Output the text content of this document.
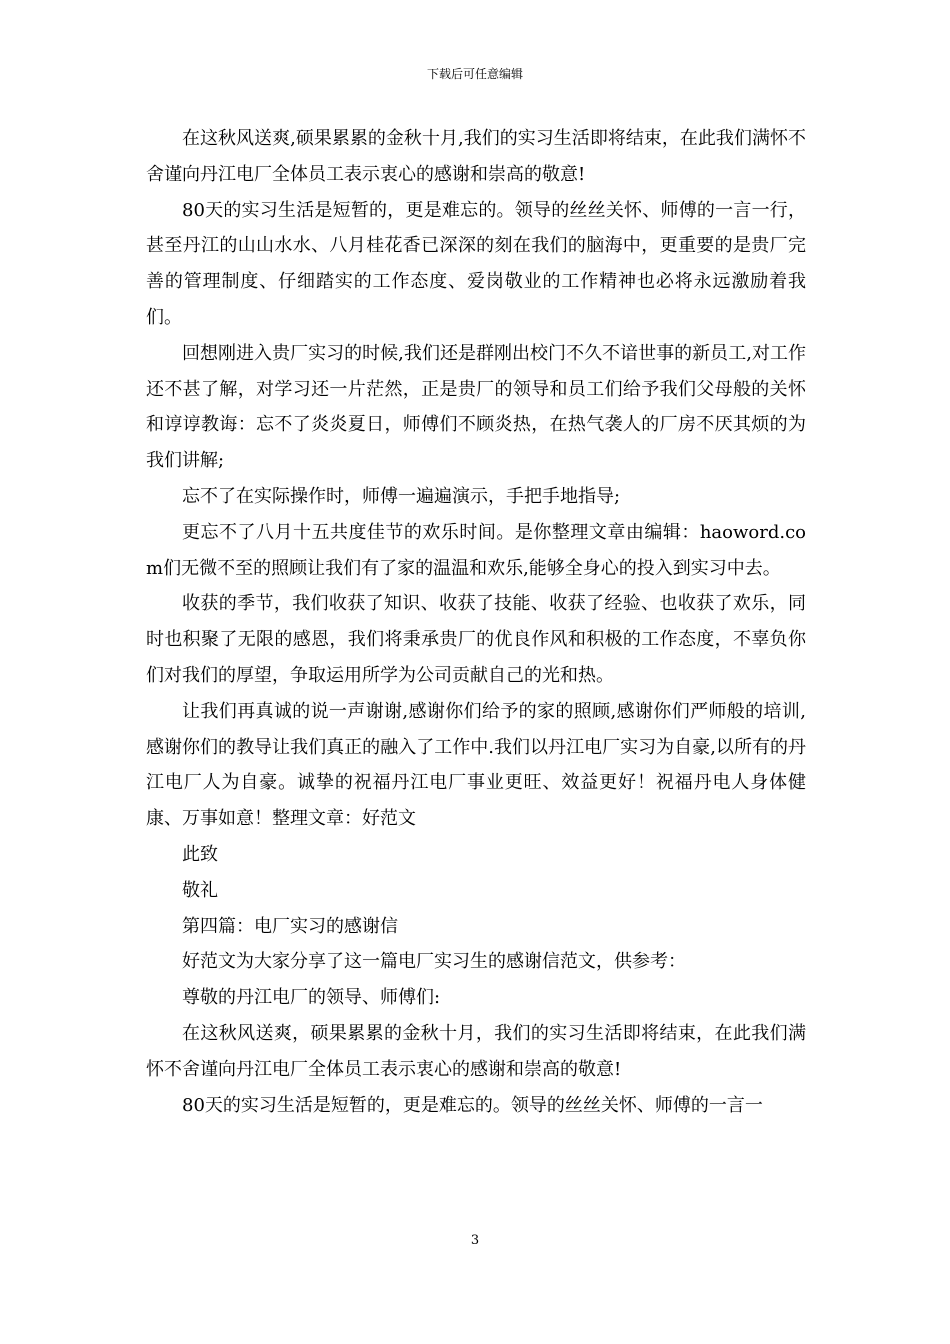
下载后可任意编辑

在这秋风送爽,硕果累累的金秋十月,我们的实习生活即将结束，在此我们满怀不舍谨向丹江电厂全体员工表示衷心的感谢和崇高的敬意!

80天的实习生活是短暂的，更是难忘的。领导的丝丝关怀、师傅的一言一行，甚至丹江的山山水水、八月桂花香已深深的刻在我们的脑海中，更重要的是贵厂完善的管理制度、仔细踏实的工作态度、爱岗敬业的工作精神也必将永远激励着我们。

回想刚进入贵厂实习的时候,我们还是群刚出校门不久不谙世事的新员工,对工作还不甚了解，对学习还一片茫然，正是贵厂的领导和员工们给予我们父母般的关怀和谆谆教诲：忘不了炎炎夏日，师傅们不顾炎热，在热气袭人的厂房不厌其烦的为我们讲解;

忘不了在实际操作时，师傅一遍遍演示，手把手地指导;

更忘不了八月十五共度佳节的欢乐时间。是你整理文章由编辑：haoword.com们无微不至的照顾让我们有了家的温温和欢乐,能够全身心的投入到实习中去。

收获的季节，我们收获了知识、收获了技能、收获了经验、也收获了欢乐，同时也积聚了无限的感恩，我们将秉承贵厂的优良作风和积极的工作态度，不辜负你们对我们的厚望，争取运用所学为公司贡献自己的光和热。

让我们再真诚的说一声谢谢,感谢你们给予的家的照顾,感谢你们严师般的培训,感谢你们的教导让我们真正的融入了工作中.我们以丹江电厂实习为自豪,以所有的丹江电厂人为自豪。诚挚的祝福丹江电厂事业更旺、效益更好！祝福丹电人身体健康、万事如意！整理文章：好范文

此致

敬礼

第四篇：电厂实习的感谢信

好范文为大家分享了这一篇电厂实习生的感谢信范文，供参考：

尊敬的丹江电厂的领导、师傅们:

在这秋风送爽，硕果累累的金秋十月，我们的实习生活即将结束，在此我们满怀不舍谨向丹江电厂全体员工表示衷心的感谢和崇高的敬意!

80天的实习生活是短暂的，更是难忘的。领导的丝丝关怀、师傅的一言一

3
